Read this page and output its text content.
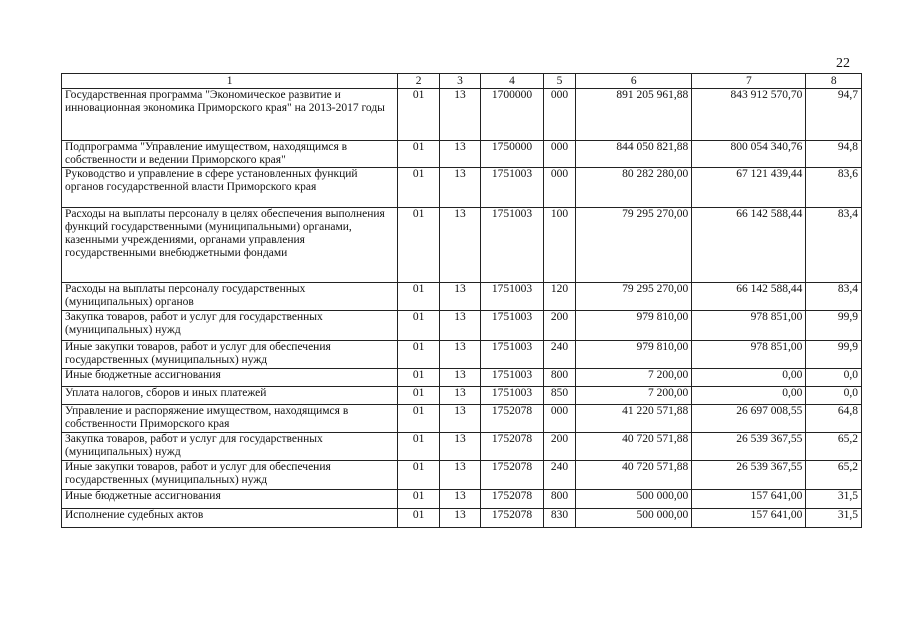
22
1	2	3	4	5	6	7	8
Государственная программа "Экономическое развитие и инновационная экономика Приморского края" на 2013-2017 годы	01	13	1700000	000	891 205 961,88	843 912 570,70	94,7
Подпрограмма "Управление имуществом, находящимся в собственности и ведении Приморского края"	01	13	1750000	000	844 050 821,88	800 054 340,76	94,8
Руководство и управление в сфере установленных функций органов государственной власти Приморского края	01	13	1751003	000	80 282 280,00	67 121 439,44	83,6
Расходы на выплаты персоналу в целях обеспечения выполнения функций государственными (муниципальными) органами, казенными учреждениями, органами управления государственными внебюджетными фондами	01	13	1751003	100	79 295 270,00	66 142 588,44	83,4
Расходы на выплаты персоналу государственных (муниципальных) органов	01	13	1751003	120	79 295 270,00	66 142 588,44	83,4
Закупка товаров, работ и услуг для государственных (муниципальных) нужд	01	13	1751003	200	979 810,00	978 851,00	99,9
Иные закупки товаров, работ и услуг для обеспечения государственных (муниципальных) нужд	01	13	1751003	240	979 810,00	978 851,00	99,9
Иные бюджетные ассигнования	01	13	1751003	800	7 200,00	0,00	0,0
Уплата налогов, сборов и иных платежей	01	13	1751003	850	7 200,00	0,00	0,0
Управление и распоряжение имуществом, находящимся в собственности Приморского края	01	13	1752078	000	41 220 571,88	26 697 008,55	64,8
Закупка товаров, работ и услуг для государственных (муниципальных) нужд	01	13	1752078	200	40 720 571,88	26 539 367,55	65,2
Иные закупки товаров, работ и услуг для обеспечения государственных (муниципальных) нужд	01	13	1752078	240	40 720 571,88	26 539 367,55	65,2
Иные бюджетные ассигнования	01	13	1752078	800	500 000,00	157 641,00	31,5
Исполнение судебных актов	01	13	1752078	830	500 000,00	157 641,00	31,5
